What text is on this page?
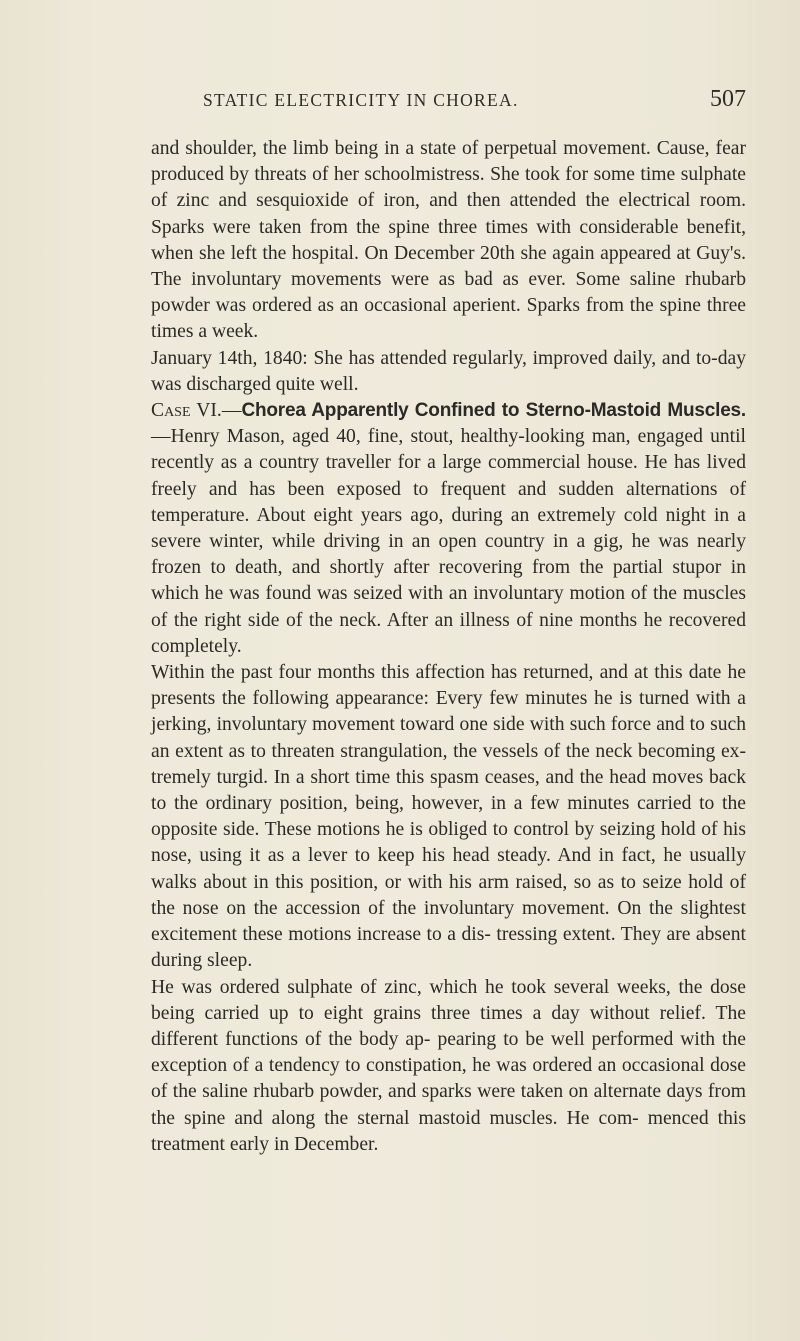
STATIC ELECTRICITY IN CHOREA.	507

and shoulder, the limb being in a state of perpetual movement. Cause, fear produced by threats of her schoolmistress. She took for some time sulphate of zinc and sesquioxide of iron, and then attended the electrical room. Sparks were taken from the spine three times with considerable benefit, when she left the hospital. On December 20th she again appeared at Guy's. The involuntary movements were as bad as ever. Some saline rhubarb powder was ordered as an occasional aperient. Sparks from the spine three times a week.

January 14th, 1840: She has attended regularly, improved daily, and to-day was discharged quite well.

Case VI.—Chorea Apparently Confined to Sterno-Mastoid Muscles.—Henry Mason, aged 40, fine, stout, healthy-looking man, engaged until recently as a country traveller for a large commercial house. He has lived freely and has been exposed to frequent and sudden alternations of temperature. About eight years ago, during an extremely cold night in a severe winter, while driving in an open country in a gig, he was nearly frozen to death, and shortly after recovering from the partial stupor in which he was found was seized with an involuntary motion of the muscles of the right side of the neck. After an illness of nine months he recovered completely.

Within the past four months this affection has returned, and at this date he presents the following appearance: Every few minutes he is turned with a jerking, involuntary movement toward one side with such force and to such an extent as to threaten strangulation, the vessels of the neck becoming ex- tremely turgid. In a short time this spasm ceases, and the head moves back to the ordinary position, being, however, in a few minutes carried to the opposite side. These motions he is obliged to control by seizing hold of his nose, using it as a lever to keep his head steady. And in fact, he usually walks about in this position, or with his arm raised, so as to seize hold of the nose on the accession of the involuntary movement. On the slightest excitement these motions increase to a dis- tressing extent. They are absent during sleep.

He was ordered sulphate of zinc, which he took several weeks, the dose being carried up to eight grains three times a day without relief. The different functions of the body ap- pearing to be well performed with the exception of a tendency to constipation, he was ordered an occasional dose of the saline rhubarb powder, and sparks were taken on alternate days from the spine and along the sternal mastoid muscles. He com- menced this treatment early in December.
